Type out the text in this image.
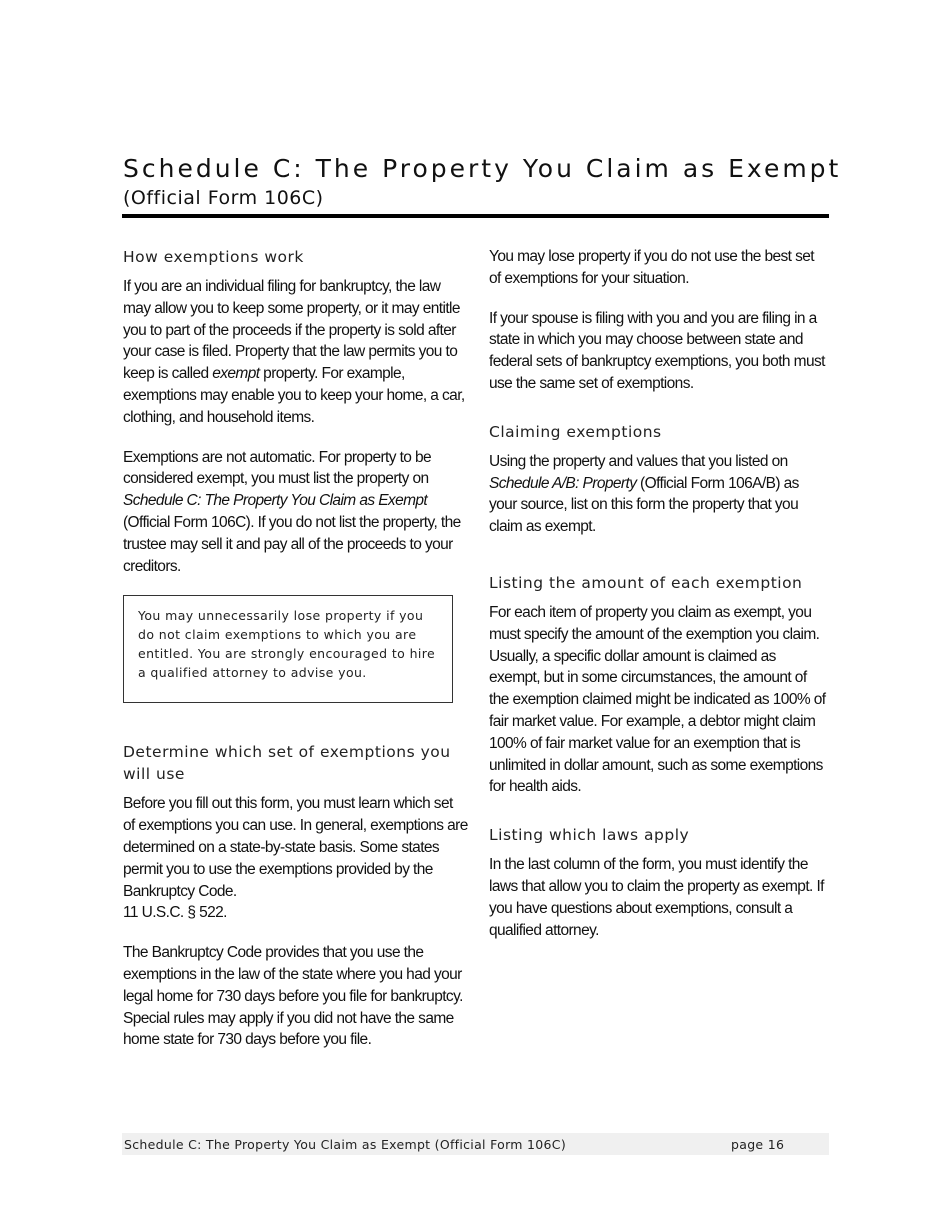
Schedule C: The Property You Claim as Exempt
(Official Form 106C)
How exemptions work

If you are an individual filing for bankruptcy, the law may allow you to keep some property, or it may entitle you to part of the proceeds if the property is sold after your case is filed. Property that the law permits you to keep is called exempt property. For example, exemptions may enable you to keep your home, a car, clothing, and household items.

Exemptions are not automatic. For property to be considered exempt, you must list the property on Schedule C: The Property You Claim as Exempt (Official Form 106C). If you do not list the property, the trustee may sell it and pay all of the proceeds to your creditors.

You may unnecessarily lose property if you do not claim exemptions to which you are entitled. You are strongly encouraged to hire a qualified attorney to advise you.
Determine which set of exemptions you will use

Before you fill out this form, you must learn which set of exemptions you can use. In general, exemptions are determined on a state-by-state basis. Some states permit you to use the exemptions provided by the Bankruptcy Code.
11 U.S.C. § 522.

The Bankruptcy Code provides that you use the exemptions in the law of the state where you had your legal home for 730 days before you file for bankruptcy. Special rules may apply if you did not have the same home state for 730 days before you file.

You may lose property if you do not use the best set of exemptions for your situation.

If your spouse is filing with you and you are filing in a state in which you may choose between state and federal sets of bankruptcy exemptions, you both must use the same set of exemptions.

Claiming exemptions

Using the property and values that you listed on Schedule A/B: Property (Official Form 106A/B) as your source, list on this form the property that you claim as exempt.

Listing the amount of each exemption

For each item of property you claim as exempt, you must specify the amount of the exemption you claim. Usually, a specific dollar amount is claimed as exempt, but in some circumstances, the amount of the exemption claimed might be indicated as 100% of fair market value. For example, a debtor might claim 100% of fair market value for an exemption that is unlimited in dollar amount, such as some exemptions for health aids.

Listing which laws apply

In the last column of the form, you must identify the laws that allow you to claim the property as exempt. If you have questions about exemptions, consult a qualified attorney.

Schedule C: The Property You Claim as Exempt (Official Form 106C)	page 16
